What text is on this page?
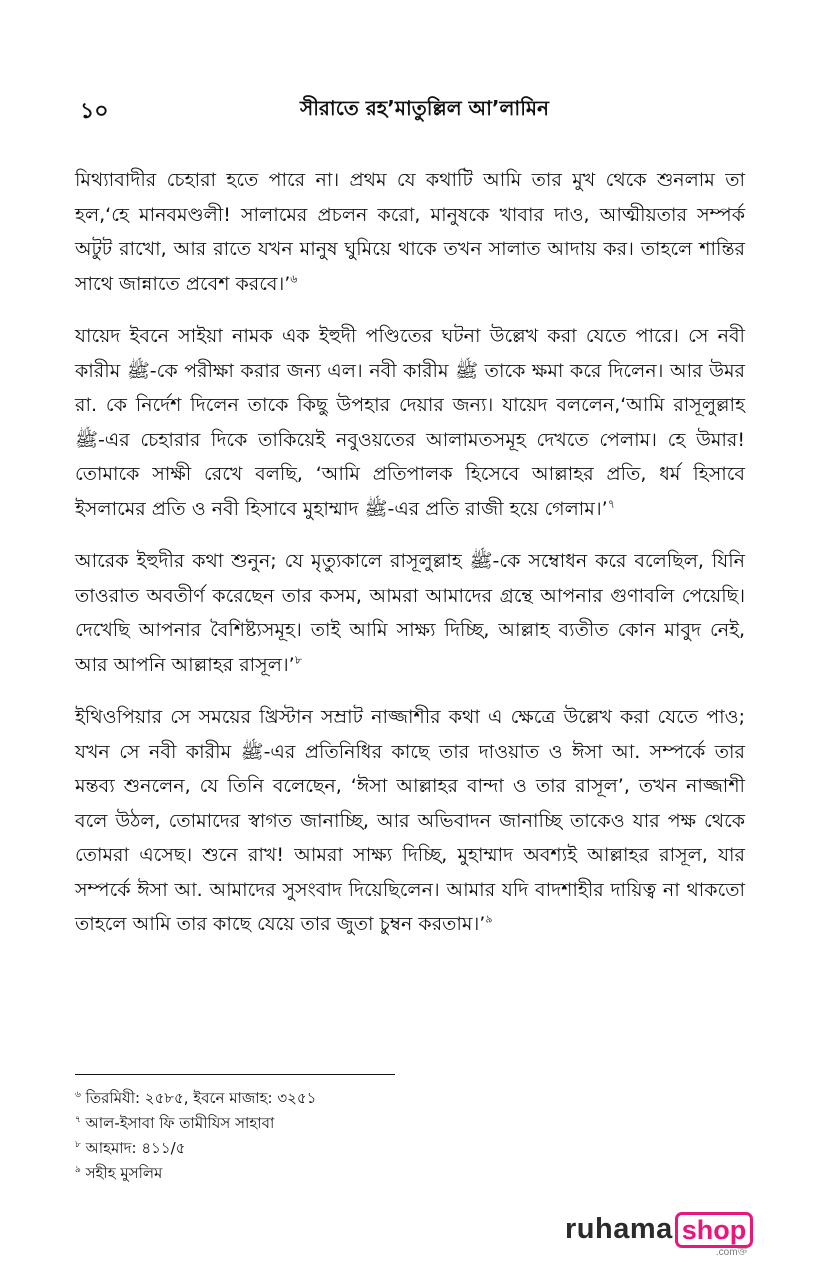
১০	সীরাতে রহ’মাতুল্লিল আ’লামিন

মিথ্যাবাদীর চেহারা হতে পারে না। প্রথম যে কথাটি আমি তার মুখ থেকে শুনলাম তা হল,‘হে মানবমণ্ডলী! সালামের প্রচলন করো, মানুষকে খাবার দাও, আত্মীয়তার সম্পর্ক অটুট রাখো, আর রাতে যখন মানুষ ঘুমিয়ে থাকে তখন সালাত আদায় কর। তাহলে শান্তির সাথে জান্নাতে প্রবেশ করবে।’$^৬$

যায়েদ ইবনে সাইয়া নামক এক ইহুদী পণ্ডিতের ঘটনা উল্লেখ করা যেতে পারে। সে নবী কারীম ﷺ-কে পরীক্ষা করার জন্য এল। নবী কারীম ﷺ তাকে ক্ষমা করে দিলেন। আর উমর রা. কে নির্দেশ দিলেন তাকে কিছু উপহার দেয়ার জন্য। যায়েদ বললেন,‘আমি রাসূলুল্লাহ ﷺ-এর চেহারার দিকে তাকিয়েই নবুওয়তের আলামতসমূহ দেখতে পেলাম। হে উমার! তোমাকে সাক্ষী রেখে বলছি, ‘আমি প্রতিপালক হিসেবে আল্লাহর প্রতি, ধর্ম হিসাবে ইসলামের প্রতি ও নবী হিসাবে মুহাম্মাদ ﷺ-এর প্রতি রাজী হয়ে গেলাম।’$^৭$

আরেক ইহুদীর কথা শুনুন; যে মৃত্যুকালে রাসূলুল্লাহ ﷺ-কে সম্বোধন করে বলেছিল, যিনি তাওরাত অবতীর্ণ করেছেন তার কসম, আমরা আমাদের গ্রন্থে আপনার গুণাবলি পেয়েছি। দেখেছি আপনার বৈশিষ্ট্যসমূহ। তাই আমি সাক্ষ্য দিচ্ছি, আল্লাহ ব্যতীত কোন মাবুদ নেই, আর আপনি আল্লাহর রাসূল।’$^৮$

ইথিওপিয়ার সে সময়ের খ্রিস্টান সম্রাট নাজ্জাশীর কথা এ ক্ষেত্রে উল্লেখ করা যেতে পাও; যখন সে নবী কারীম ﷺ-এর প্রতিনিধির কাছে তার দাওয়াত ও ঈসা আ. সম্পর্কে তার মন্তব্য শুনলেন, যে তিনি বলেছেন, ‘ঈসা আল্লাহর বান্দা ও তার রাসূল’, তখন নাজ্জাশী বলে উঠল, তোমাদের স্বাগত জানাচ্ছি, আর অভিবাদন জানাচ্ছি তাকেও যার পক্ষ থেকে তোমরা এসেছ। শুনে রাখ! আমরা সাক্ষ্য দিচ্ছি, মুহাম্মাদ অবশ্যই আল্লাহর রাসূল, যার সম্পর্কে ঈসা আ. আমাদের সুসংবাদ দিয়েছিলেন। আমার যদি বাদশাহীর দায়িত্ব না থাকতো তাহলে আমি তার কাছে যেয়ে তার জুতা চুম্বন করতাম।’$^৯$

$^৬$ তিরমিযী: ২৫৮৫, ইবনে মাজাহ: ৩২৫১
$^৭$ আল-ইসাবা ফি তামীযিস সাহাবা
$^৮$ আহমাদ: ৪১১/৫
$^৯$ সহীহ মুসলিম
ruhama shop
.comক্ত
